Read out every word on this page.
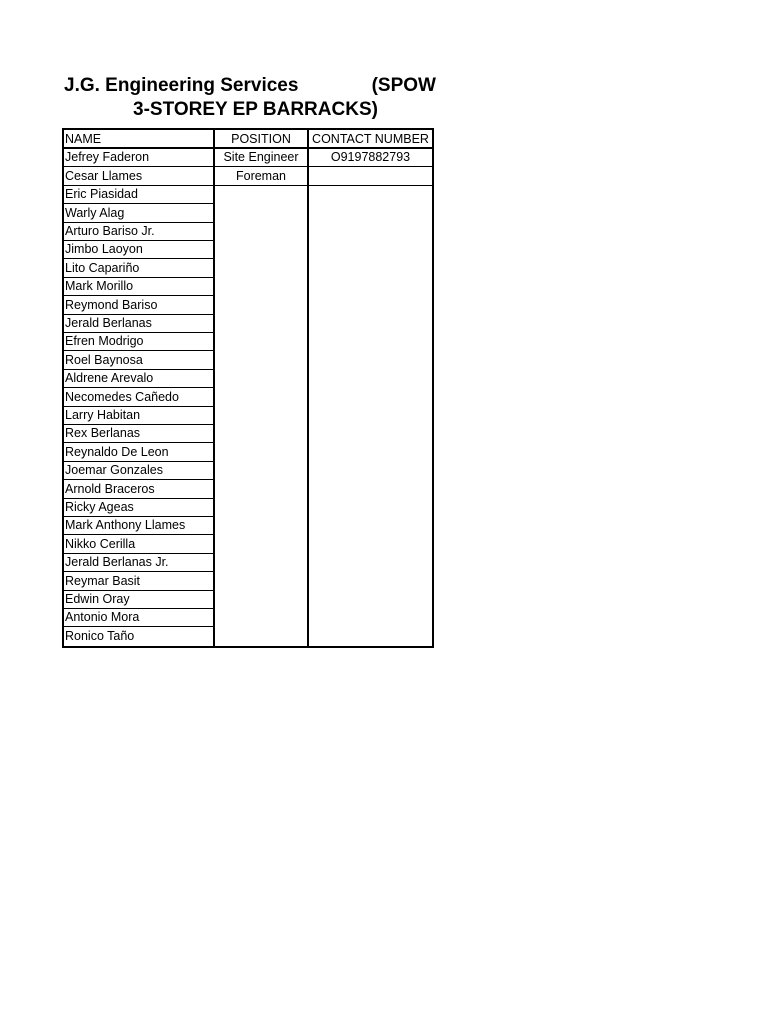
J.G. Engineering Services	(SPOW
3-STOREY EP BARRACKS)
NAME	POSITION	CONTACT NUMBER
Jefrey Faderon	Site Engineer	O9197882793
Cesar Llames	Foreman
Eric Piasidad
Warly Alag
Arturo Bariso Jr.
Jimbo Laoyon
Lito Capariño
Mark Morillo
Reymond Bariso
Jerald Berlanas
Efren Modrigo
Roel Baynosa
Aldrene Arevalo
Necomedes Cañedo
Larry Habitan
Rex Berlanas
Reynaldo De Leon
Joemar Gonzales
Arnold Braceros
Ricky Ageas
Mark Anthony Llames
Nikko Cerilla
Jerald Berlanas Jr.
Reymar Basit
Edwin Oray
Antonio Mora
Ronico Taño
